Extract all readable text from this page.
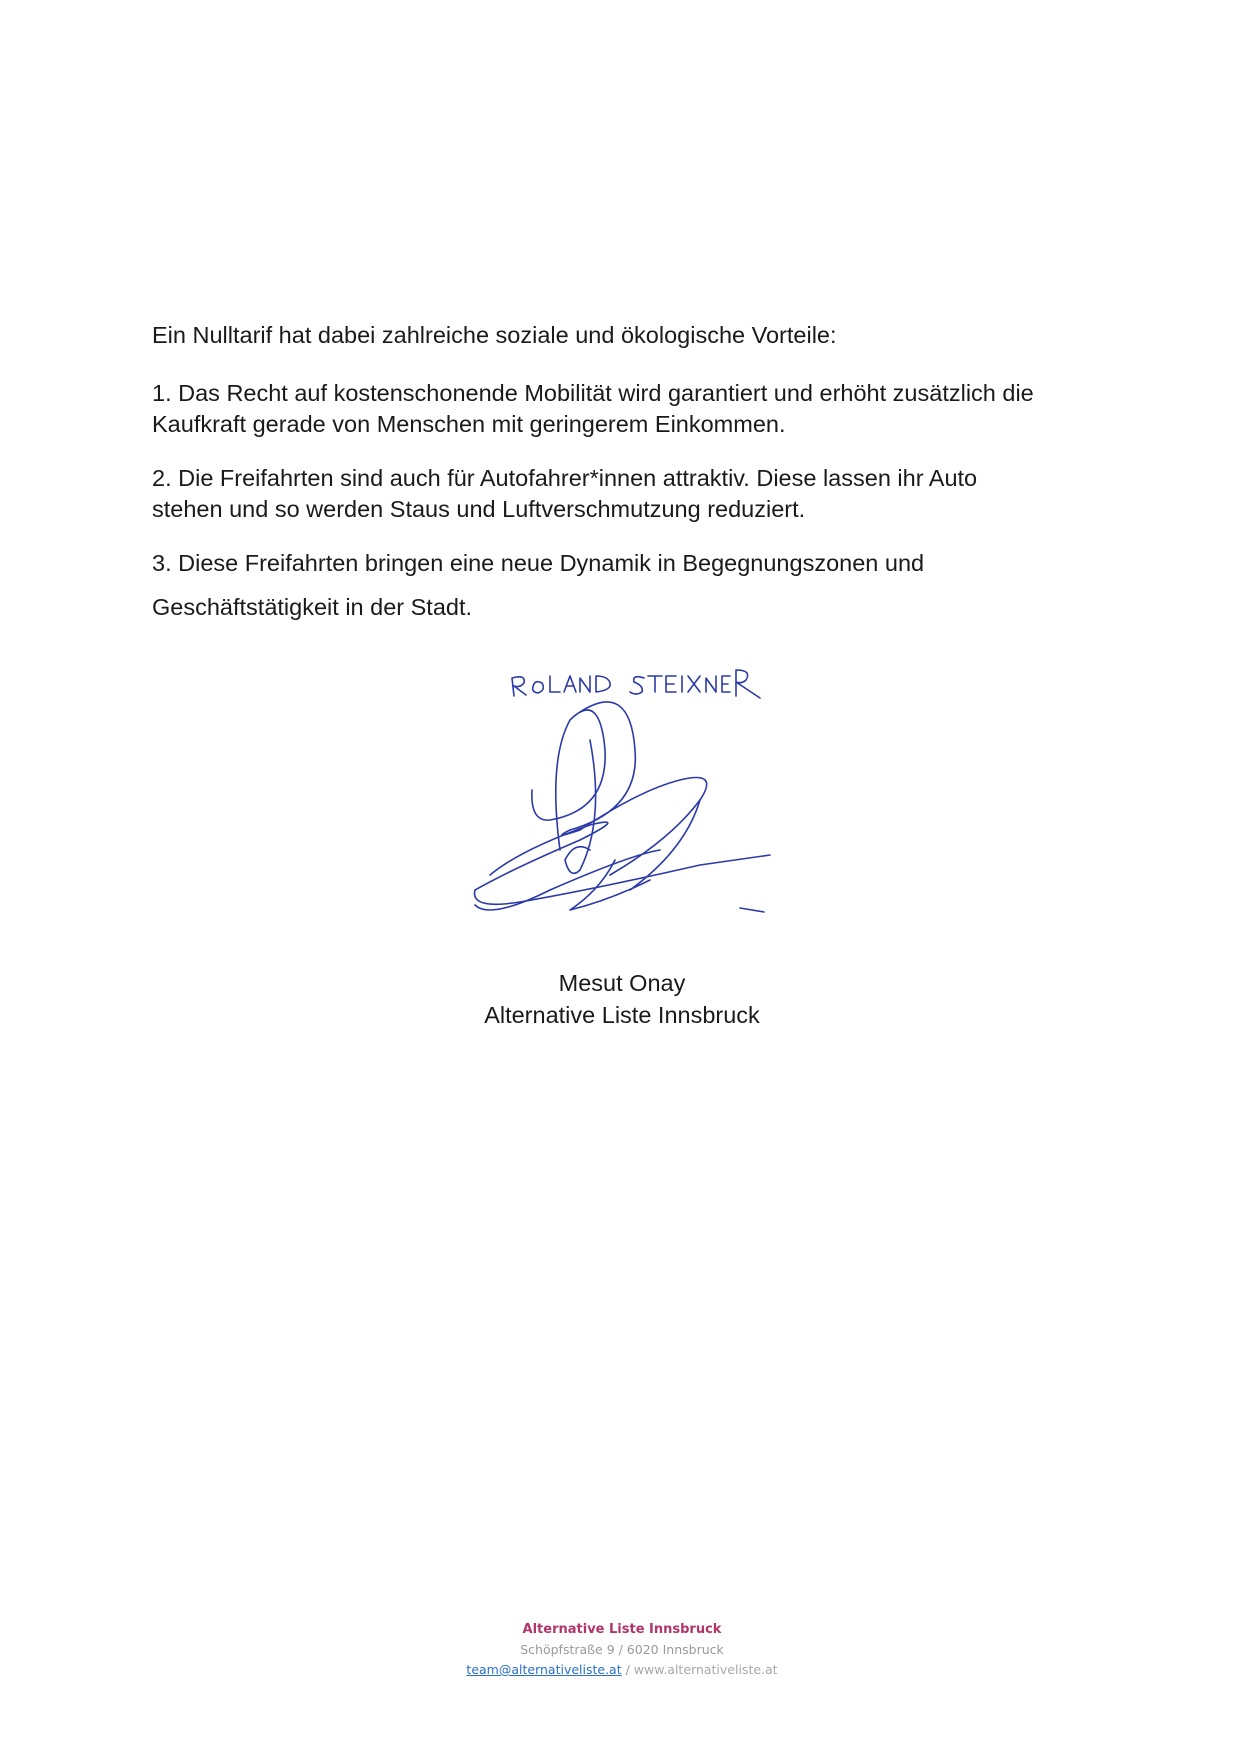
Ein Nulltarif hat dabei zahlreiche soziale und ökologische Vorteile:

1. Das Recht auf kostenschonende Mobilität wird garantiert und erhöht zusätzlich die
Kaufkraft gerade von Menschen mit geringerem Einkommen.
2. Die Freifahrten sind auch für Autofahrer*innen attraktiv. Diese lassen ihr Auto
stehen und so werden Staus und Luftverschmutzung reduziert.
3. Diese Freifahrten bringen eine neue Dynamik in Begegnungszonen und
Geschäftstätigkeit in der Stadt.
Mesut Onay
Alternative Liste Innsbruck
Alternative Liste Innsbruck
Schöpfstraße 9 / 6020 Innsbruck
team@alternativeliste.at / www.alternativeliste.at
